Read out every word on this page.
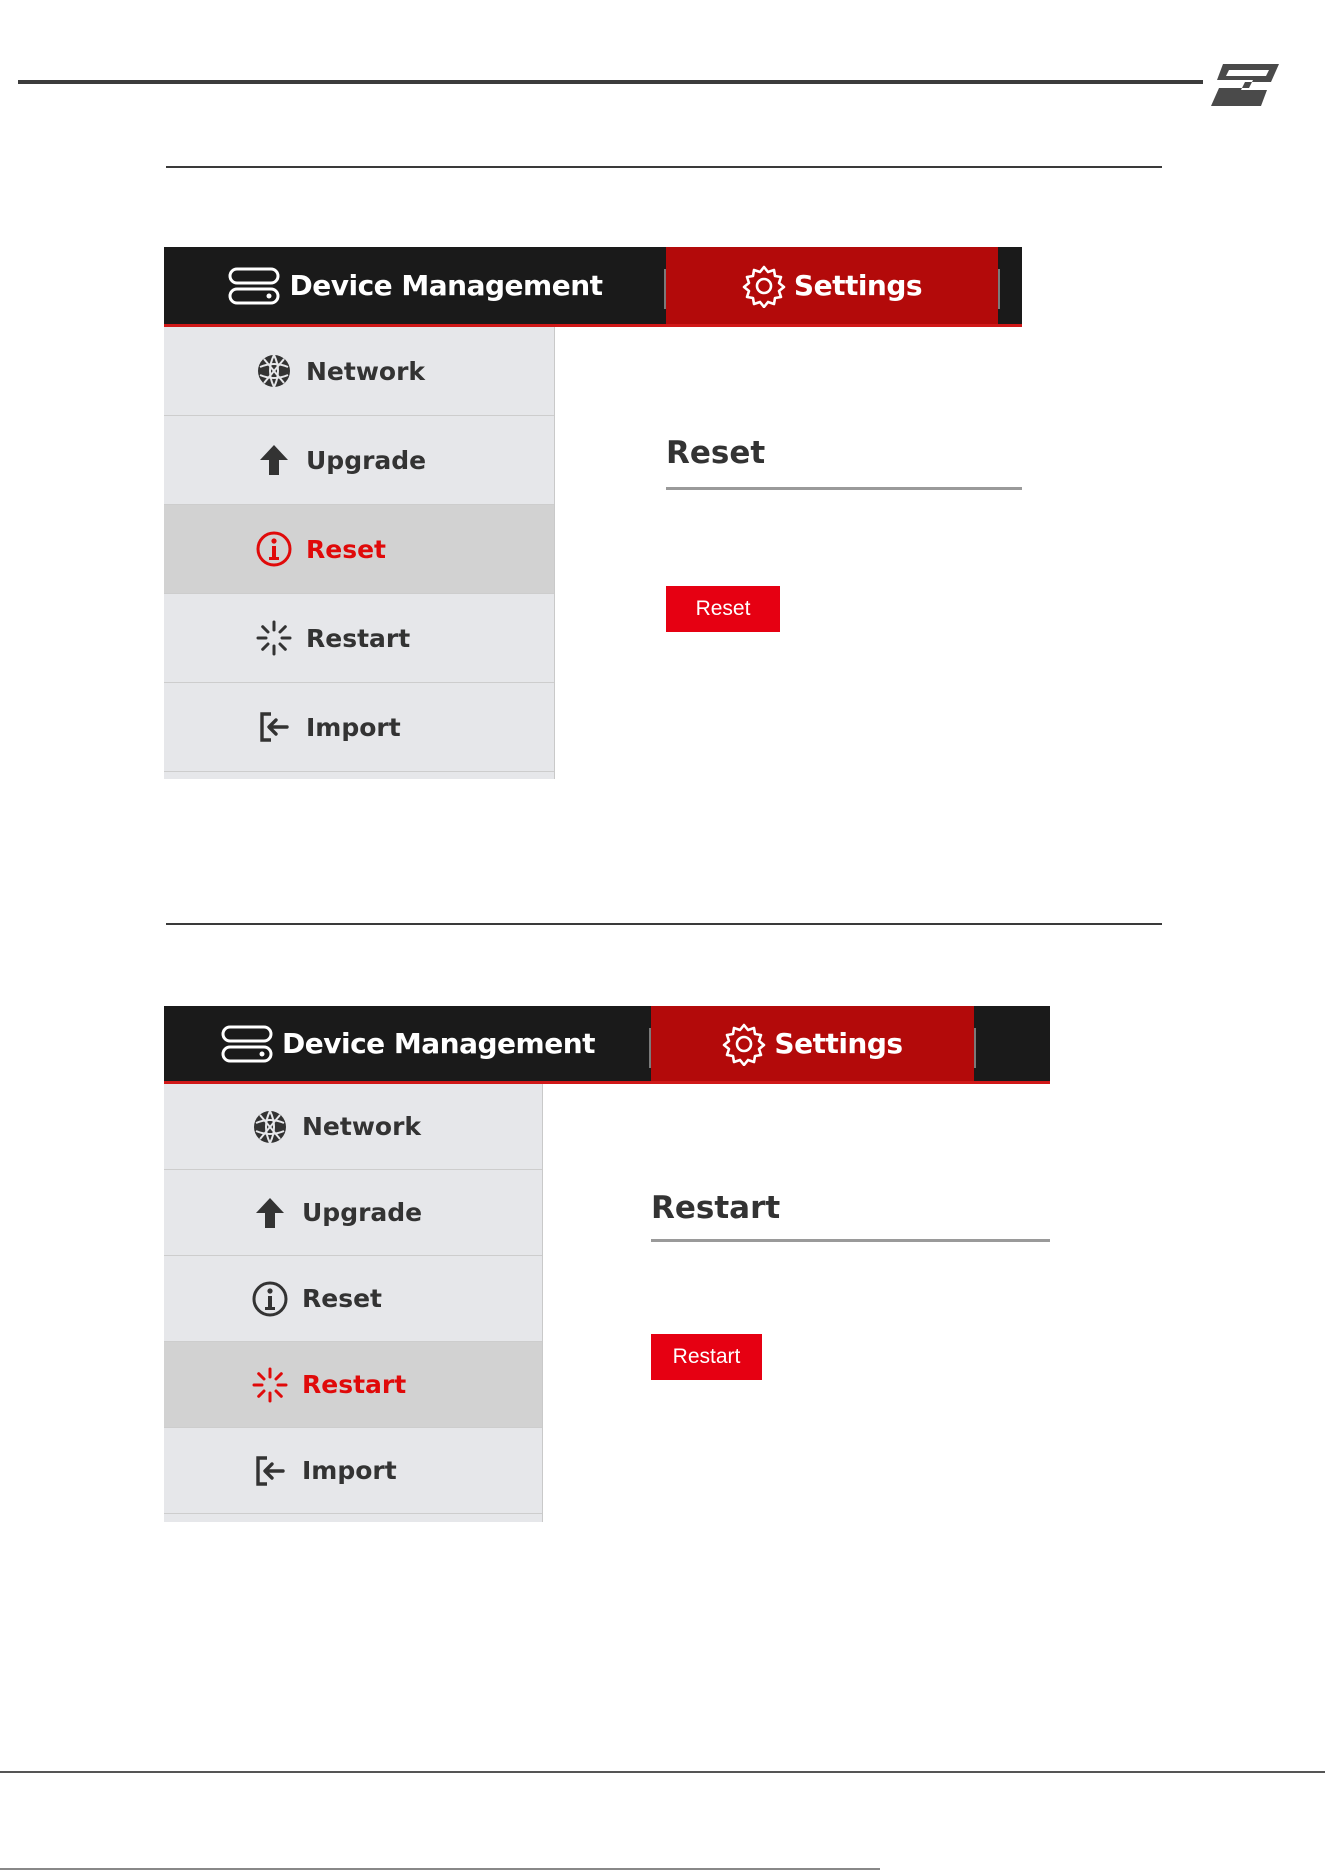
Device Management	Settings
Network
Upgrade
Reset
Restart
Import
Reset
Reset
Device Management	Settings
Network
Upgrade
Reset
Restart
Import
Restart
Restart
